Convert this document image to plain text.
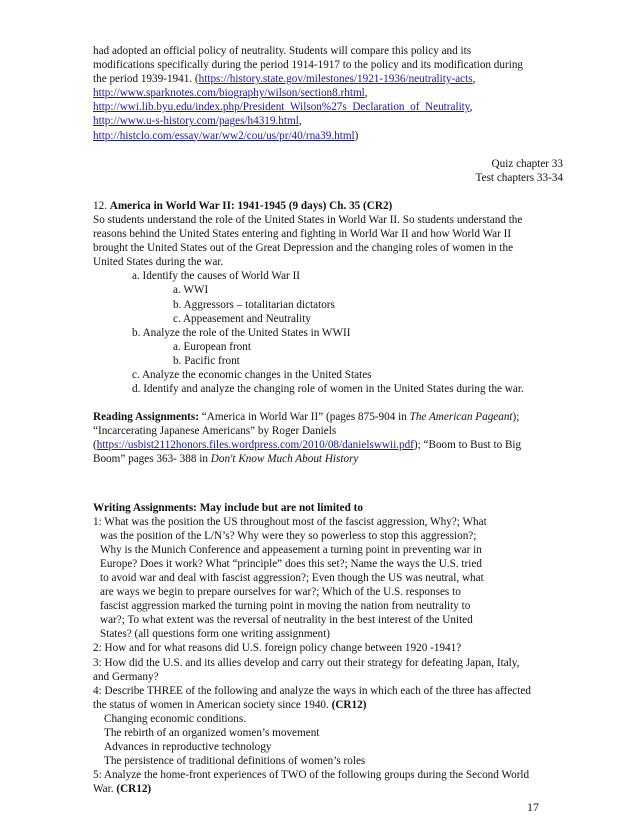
had adopted an official policy of neutrality. Students will compare this policy and its
modifications specifically during the period 1914-1917 to the policy and its modification during
the period 1939-1941. (https://history.state.gov/milestones/1921-1936/neutrality-acts,
http://www.sparknotes.com/biography/wilson/section8.rhtml,
http://wwi.lib.byu.edu/index.php/President_Wilson%27s_Declaration_of_Neutrality,
http://www.u-s-history.com/pages/h4319.html,
http://histclo.com/essay/war/ww2/cou/us/pr/40/rna39.html)
Quiz chapter 33
Test chapters 33-34
12. America in World War II: 1941-1945 (9 days) Ch. 35 (CR2)
So students understand the role of the United States in World War II. So students understand the
reasons behind the United States entering and fighting in World War II and how World War II
brought the United States out of the Great Depression and the changing roles of women in the
United States during the war.
a. Identify the causes of World War II
a. WWI
b. Aggressors – totalitarian dictators
c. Appeasement and Neutrality
b. Analyze the role of the United States in WWII
a. European front
b. Pacific front
c. Analyze the economic changes in the United States
d. Identify and analyze the changing role of women in the United States during the war.
Reading Assignments: “America in World War II” (pages 875-904 in The American Pageant);
“Incarcerating Japanese Americans” by Roger Daniels
(https://usbist2112honors.files.wordpress.com/2010/08/danielswwii.pdf); “Boom to Bust to Big
Boom” pages 363- 388 in Don't Know Much About History
Writing Assignments: May include but are not limited to
1: What was the position the US throughout most of the fascist aggression, Why?; What
was the position of the L/N’s? Why were they so powerless to stop this aggression?;
Why is the Munich Conference and appeasement a turning point in preventing war in
Europe? Does it work? What “principle” does this set?; Name the ways the U.S. tried
to avoid war and deal with fascist aggression?; Even though the US was neutral, what
are ways we begin to prepare ourselves for war?; Which of the U.S. responses to
fascist aggression marked the turning point in moving the nation from neutrality to
war?; To what extent was the reversal of neutrality in the best interest of the United
States? (all questions form one writing assignment)
2: How and for what reasons did U.S. foreign policy change between 1920 -1941?
3: How did the U.S. and its allies develop and carry out their strategy for defeating Japan, Italy,
and Germany?
4: Describe THREE of the following and analyze the ways in which each of the three has affected
the status of women in American society since 1940. (CR12)
Changing economic conditions.
The rebirth of an organized women’s movement
Advances in reproductive technology
The persistence of traditional definitions of women’s roles
5: Analyze the home-front experiences of TWO of the following groups during the Second World
War. (CR12)
17
